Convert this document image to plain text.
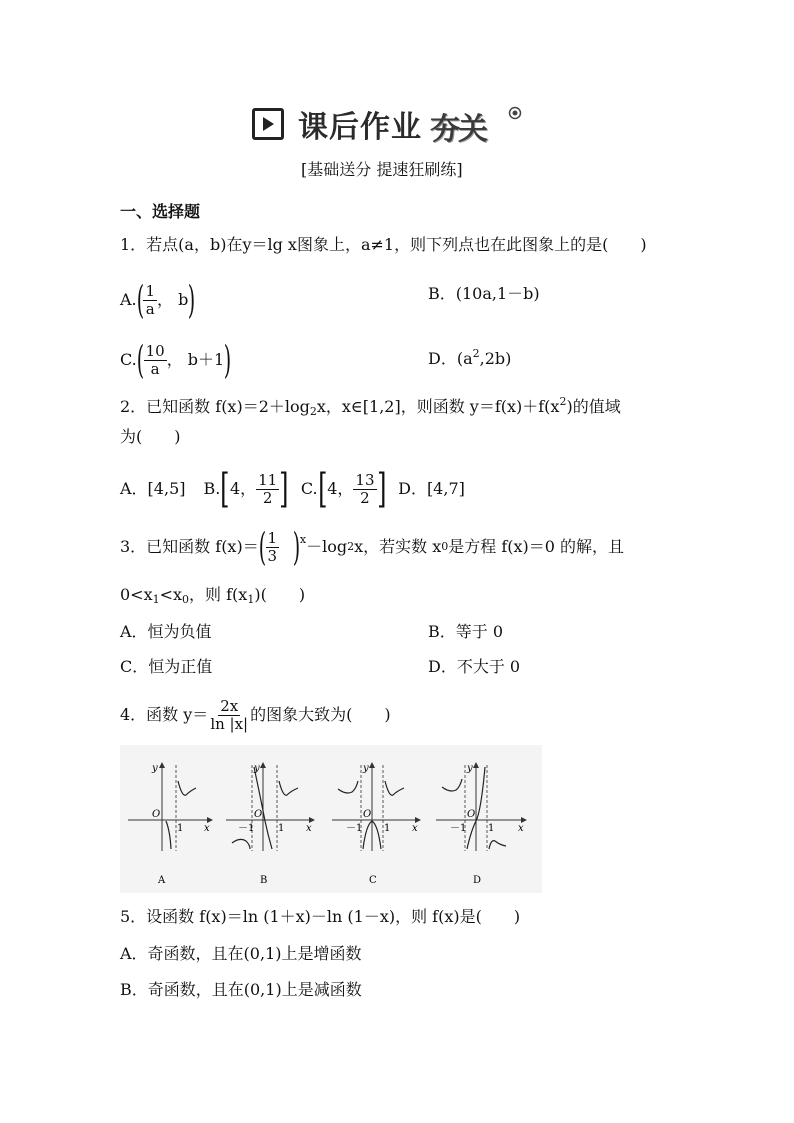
课后作业 夯关
[基础送分 提速狂刷练]
一、选择题
1．若点(a，b)在y＝lg x图象上，a≠1，则下列点也在此图象上的是(　　)
A. ( $\frac{1}{a}$ ， b )	B．(10a,1－b)
C. ( $\frac{10}{a}$ ， b＋1 )	D．$(a^2,2b)$
2．已知函数 $f(x)=2+\log_2x$，x∈[1,2]，则函数 $y=f(x)+f(x^2)$的值域
为(　　)
A．[4,5] B. [ 4， $\frac{11}{2}$ ] C. [ 4， $\frac{13}{2}$ ] D．[4,7]
3．已知函数 f(x)＝ ( $\frac{1}{3}$ ) x －log 2 x，若实数 x 0 是方程 f(x)＝0 的解，且
$0<x_1<x_0$，则 $f(x_1)$(　　)
A．恒为负值	B．等于 0
C．恒为正值	D．不大于 0
4．函数 $y= \frac{2x}{\ln |x|}$ 的图象大致为(　　)
y
x
O
1
A
y
x
O
－1 1
B
y
x
O
－1 1
C
y
x
O
－1 1
D
5．设函数 f(x)＝ln (1＋x)－ln (1－x)，则 f(x)是(　　)
A．奇函数，且在(0,1)上是增函数
B．奇函数，且在(0,1)上是减函数
